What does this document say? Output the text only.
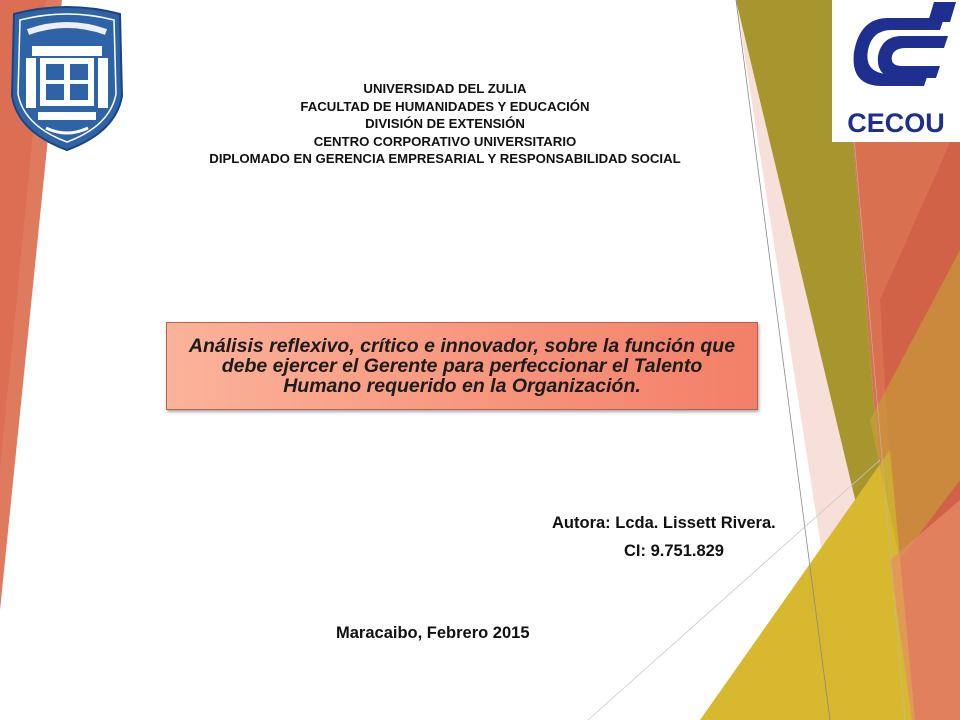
CECOU
UNIVERSIDAD DEL ZULIA
FACULTAD DE HUMANIDADES Y EDUCACIÓN
DIVISIÓN DE EXTENSIÓN
CENTRO CORPORATIVO UNIVERSITARIO
DIPLOMADO EN GERENCIA EMPRESARIAL Y RESPONSABILIDAD SOCIAL
Análisis reflexivo, crítico e innovador, sobre la función que debe ejercer el Gerente para perfeccionar el Talento Humano requerido en la Organización.
Autora: Lcda. Lissett Rivera.
CI: 9.751.829
Maracaibo, Febrero 2015
